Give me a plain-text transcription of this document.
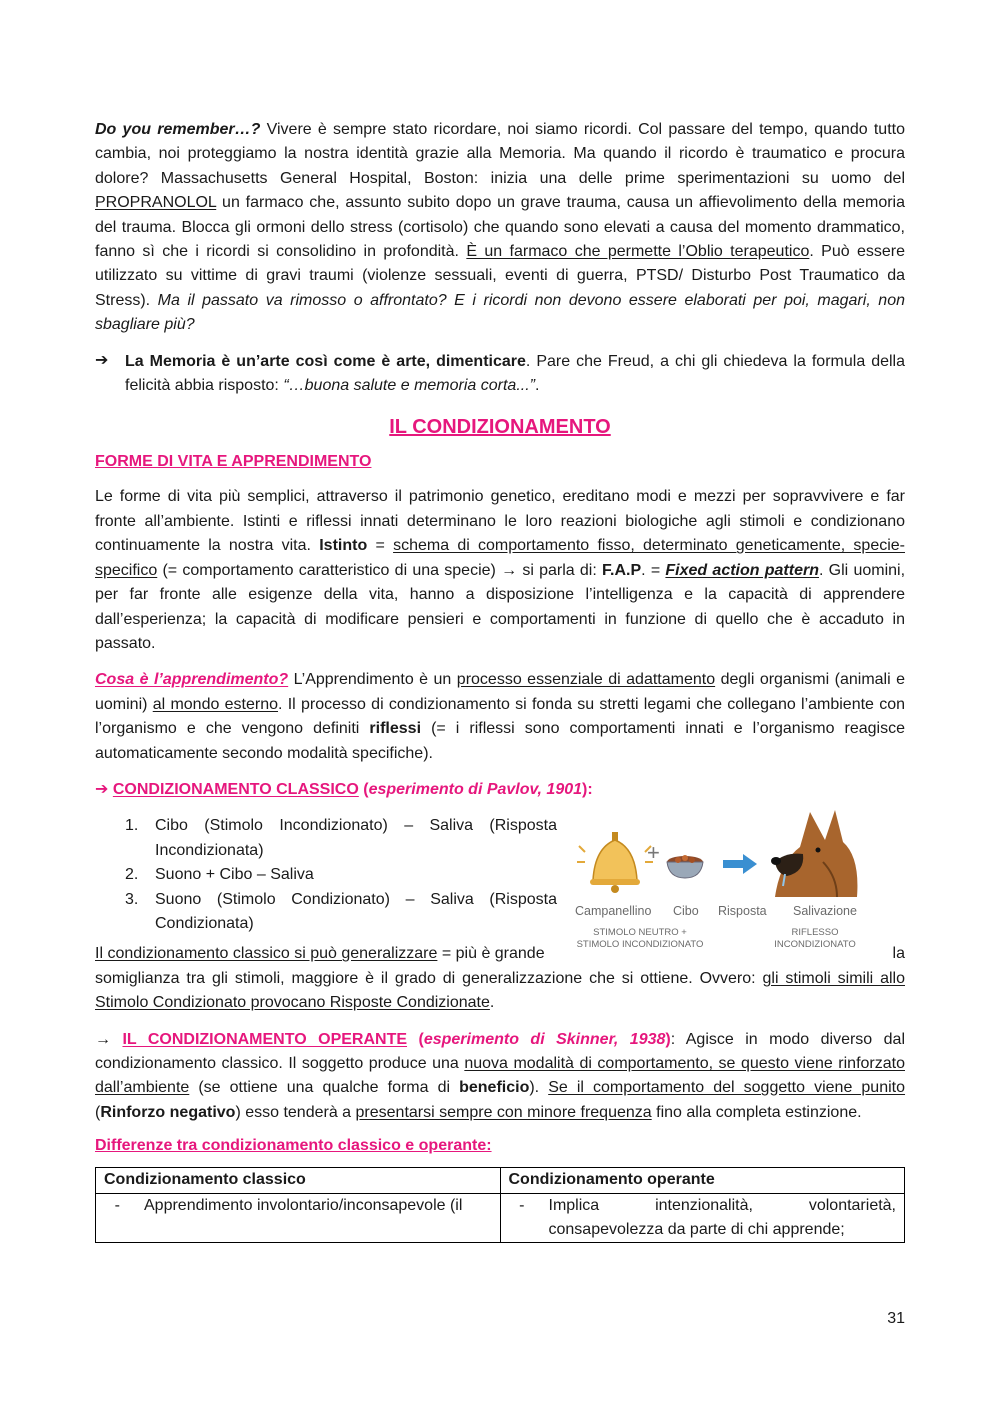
Do you remember…? Vivere è sempre stato ricordare, noi siamo ricordi. Col passare del tempo, quando tutto cambia, noi proteggiamo la nostra identità grazie alla Memoria. Ma quando il ricordo è traumatico e procura dolore? Massachusetts General Hospital, Boston: inizia una delle prime sperimentazioni su uomo del PROPRANOLOL un farmaco che, assunto subito dopo un grave trauma, causa un affievolimento della memoria del trauma. Blocca gli ormoni dello stress (cortisolo) che quando sono elevati a causa del momento drammatico, fanno sì che i ricordi si consolidino in profondità. È un farmaco che permette l’Oblio terapeutico. Può essere utilizzato su vittime di gravi traumi (violenze sessuali, eventi di guerra, PTSD/ Disturbo Post Traumatico da Stress). Ma il passato va rimosso o affrontato? E i ricordi non devono essere elaborati per poi, magari, non sbagliare più?

➔	La Memoria è un’arte così come è arte, dimenticare. Pare che Freud, a chi gli chiedeva la formula della felicità abbia risposto: “…buona salute e memoria corta...”.

IL CONDIZIONAMENTO
FORME DI VITA E APPRENDIMENTO

Le forme di vita più semplici, attraverso il patrimonio genetico, ereditano modi e mezzi per sopravvivere e far fronte all’ambiente. Istinti e riflessi innati determinano le loro reazioni biologiche agli stimoli e condizionano continuamente la nostra vita. Istinto = schema di comportamento fisso, determinato geneticamente, specie-specifico (= comportamento caratteristico di una specie) → si parla di: F.A.P. = Fixed action pattern. Gli uomini, per far fronte alle esigenze della vita, hanno a disposizione l’intelligenza e la capacità di apprendere dall’esperienza; la capacità di modificare pensieri e comportamenti in funzione di quello che è accaduto in passato.

Cosa è l’apprendimento? L’Apprendimento è un processo essenziale di adattamento degli organismi (animali e uomini) al mondo esterno. Il processo di condizionamento si fonda su stretti legami che collegano l’ambiente con l’organismo e che vengono definiti riflessi (= i riflessi sono comportamenti innati e l’organismo reagisce automaticamente secondo modalità specifiche).

➔ CONDIZIONAMENTO CLASSICO (esperimento di Pavlov, 1901):

1.	Cibo (Stimolo Incondizionato) – Saliva (Risposta Incondizionata)
2.	Suono + Cibo – Saliva
3.	Suono (Stimolo Condizionato) – Saliva (Risposta Condizionata)
+
Campanellino Cibo Risposta Salivazione
STIMOLO NEUTRO +
STIMOLO INCONDIZIONATO
RIFLESSO
INCONDIZIONATO

Il condizionamento classico si può generalizzare = più è grande	la
somiglianza tra gli stimoli, maggiore è il grado di generalizzazione che si ottiene. Ovvero: gli stimoli simili allo Stimolo Condizionato provocano Risposte Condizionate.

→ IL CONDIZIONAMENTO OPERANTE (esperimento di Skinner, 1938): Agisce in modo diverso dal condizionamento classico. Il soggetto produce una nuova modalità di comportamento, se questo viene rinforzato dall’ambiente (se ottiene una qualche forma di beneficio). Se il comportamento del soggetto viene punito (Rinforzo negativo) esso tenderà a presentarsi sempre con minore frequenza fino alla completa estinzione.

Differenze tra condizionamento classico e operante:
Condizionamento classico	Condizionamento operante

- Apprendimento involontario/inconsapevole (il	- Implica intenzionalità, volontarietà, consapevolezza da parte di chi apprende;
31
